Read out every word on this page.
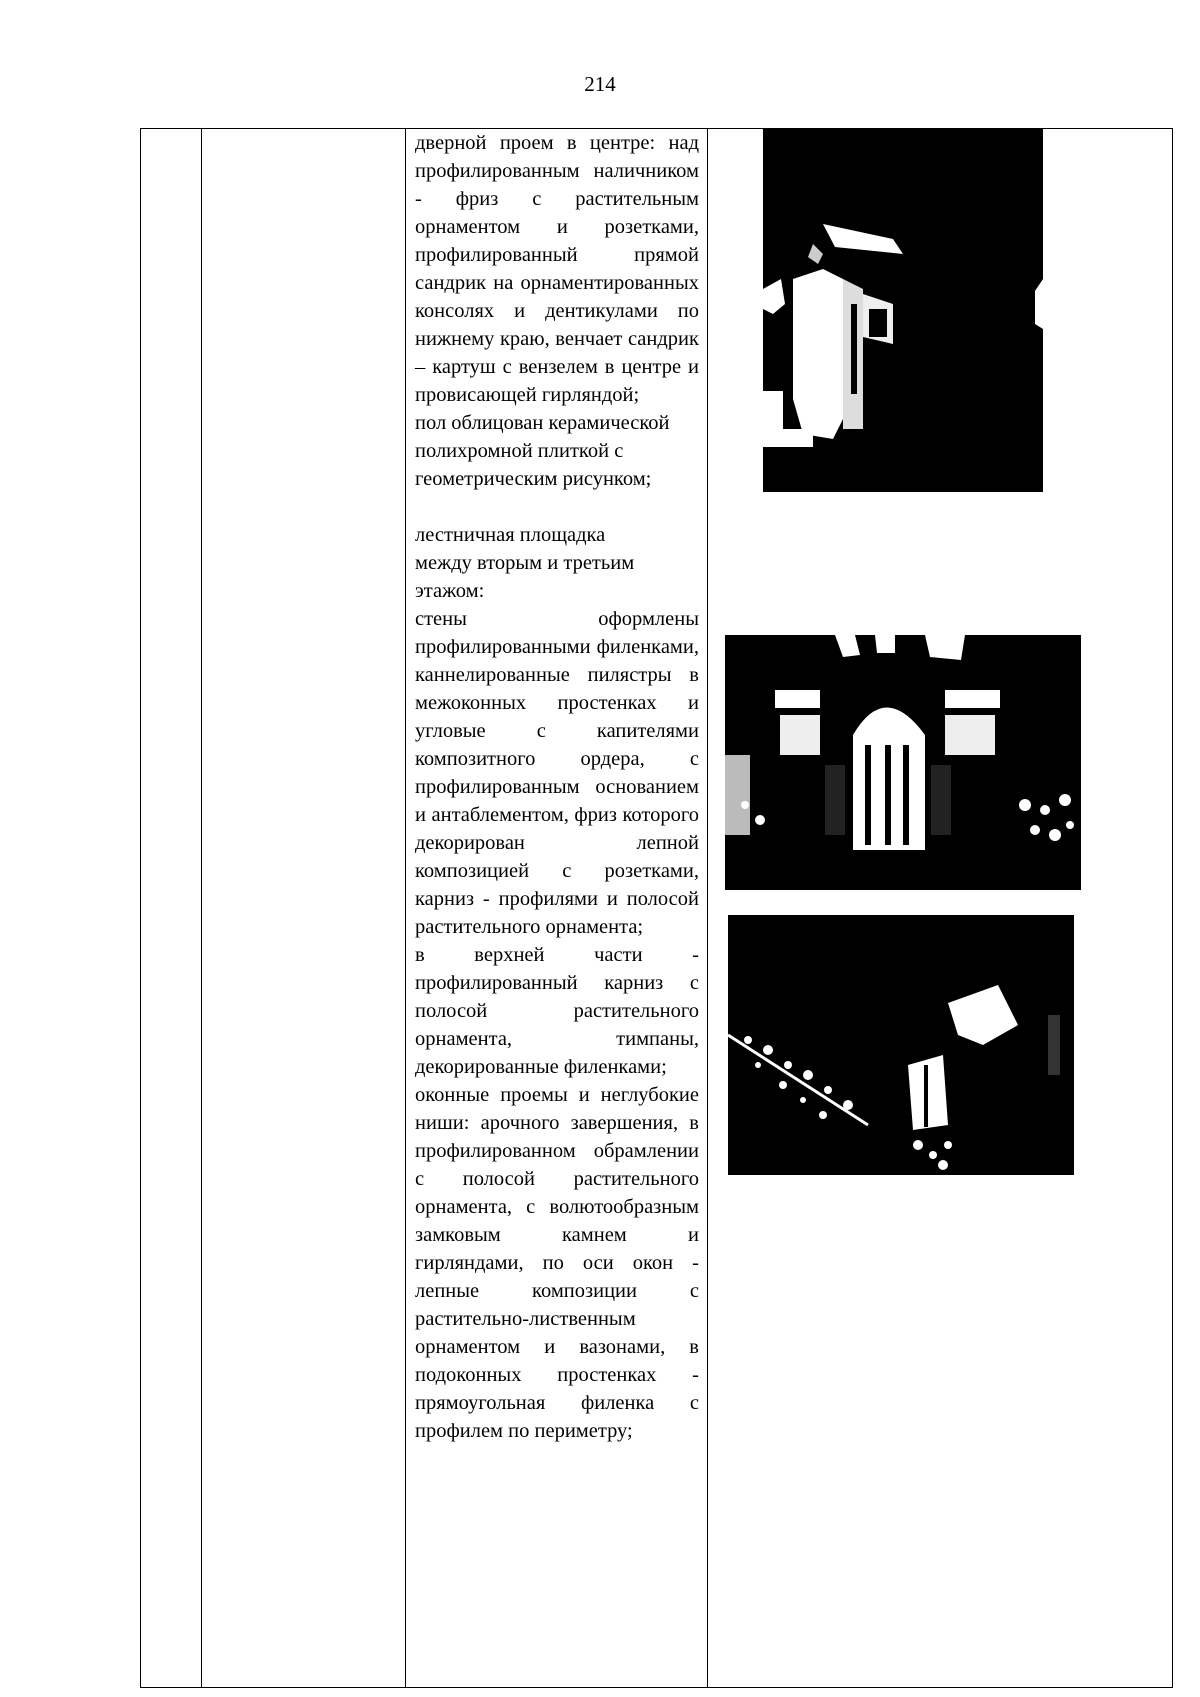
214

дверной проем в центре: над профилированным наличником - фриз с растительным орнаментом и розетками, профилированный прямой сандрик на орнаментированных консолях и дентикулами по нижнему краю, венчает сандрик – картуш с вензелем в центре и провисающей гирляндой;

пол облицован керамической полихромной плиткой с геометрическим рисунком;

лестничная площадка между вторым и третьим этажом:

стены оформлены профилированными филенками, каннелированные пилястры в межоконных простенках и угловые с капителями композитного ордера, с профилированным основанием и антаблементом, фриз которого декорирован лепной композицией с розетками, карниз - профилями и полосой растительного орнамента;

в верхней части - профилированный карниз с полосой растительного орнамента, тимпаны, декорированные филенками;

оконные проемы и неглубокие ниши: арочного завершения, в профилированном обрамлении с полосой растительного орнамента, с волютообразным замковым камнем и гирляндами, по оси окон - лепные композиции с растительно-лиственным орнаментом и вазонами, в подоконных простенках - прямоугольная филенка с профилем по периметру;
